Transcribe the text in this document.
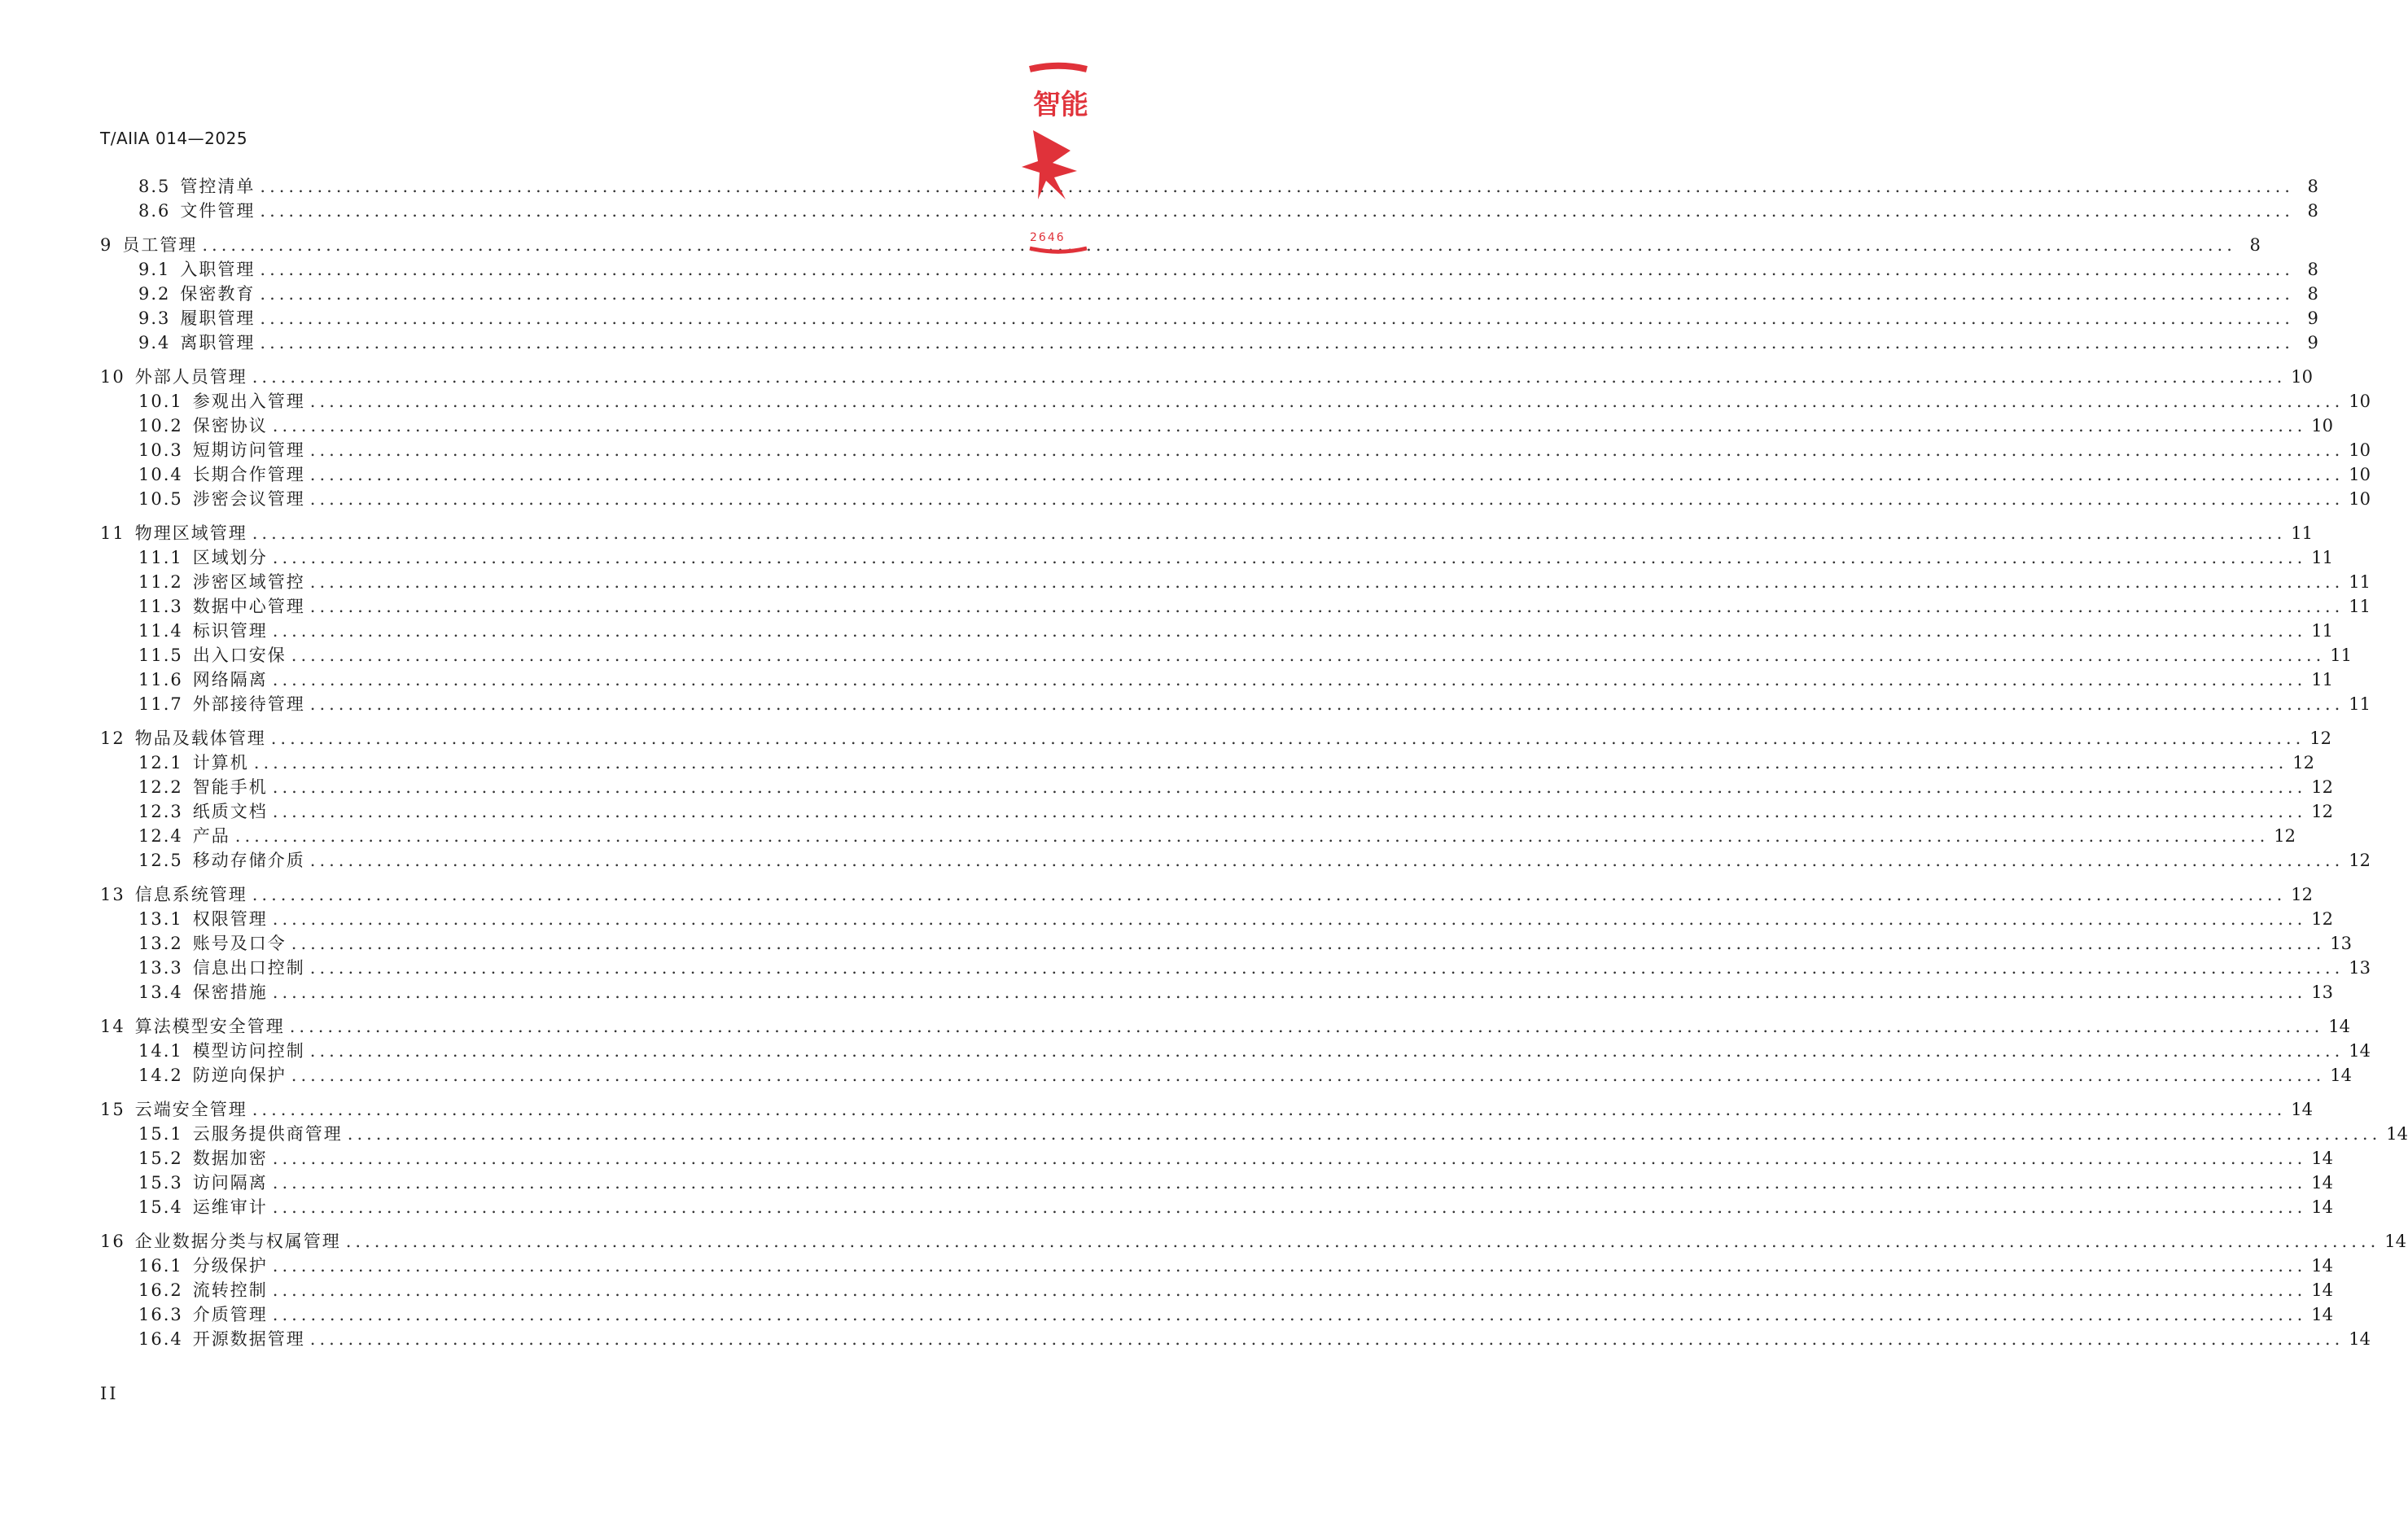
T/AIIA 014—2025
8.5 管控清单 .....	8
8.6 文件管理 .....	8
9 员工管理 .....	8
9.1 入职管理 .....	8
9.2 保密教育 .....	8
9.3 履职管理 .....	9
9.4 离职管理 .....	9
10 外部人员管理 .....	10
10.1 参观出入管理 .....	10
10.2 保密协议 .....	10
10.3 短期访问管理 .....	10
10.4 长期合作管理 .....	10
10.5 涉密会议管理 .....	10
11 物理区域管理 .....	11
11.1 区域划分 .....	11
11.2 涉密区域管控 .....	11
11.3 数据中心管理 .....	11
11.4 标识管理 .....	11
11.5 出入口安保 .....	11
11.6 网络隔离 .....	11
11.7 外部接待管理 .....	11
12 物品及载体管理 .....	12
12.1 计算机 .....	12
12.2 智能手机 .....	12
12.3 纸质文档 .....	12
12.4 产品 .....	12
12.5 移动存储介质 .....	12
13 信息系统管理 .....	12
13.1 权限管理 .....	12
13.2 账号及口令 .....	13
13.3 信息出口控制 .....	13
13.4 保密措施 .....	13
14 算法模型安全管理 .....	14
14.1 模型访问控制 .....	14
14.2 防逆向保护 .....	14
15 云端安全管理 .....	14
15.1 云服务提供商管理 .....	14
15.2 数据加密 .....	14
15.3 访问隔离 .....	14
15.4 运维审计 .....	14
16 企业数据分类与权属管理 .....	14
16.1 分级保护 .....	14
16.2 流转控制 .....	14
16.3 介质管理 .....	14
16.4 开源数据管理 .....	14
II
智能
2646
